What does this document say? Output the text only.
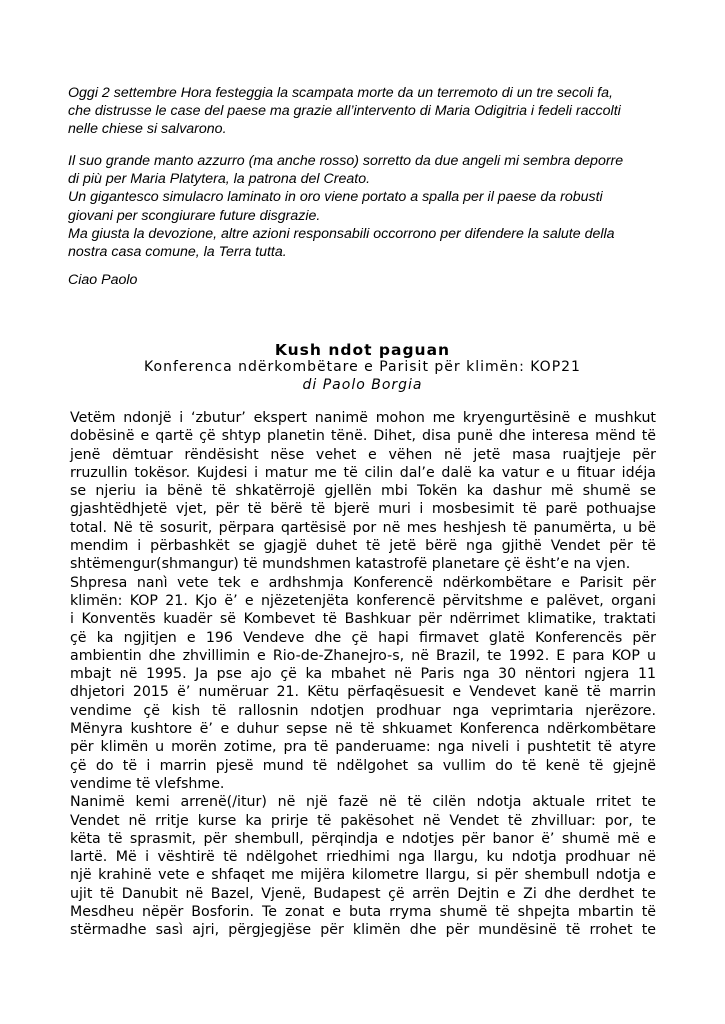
Oggi 2 settembre Hora festeggia la scampata morte da un terremoto di un tre secoli fa,

che distrusse le case del paese ma grazie all’intervento di Maria Odigitria i fedeli raccolti

nelle chiese si salvarono.

Il suo grande manto azzurro (ma anche rosso) sorretto da due angeli mi sembra deporre

di più per Maria Platytera, la patrona del Creato.

Un gigantesco simulacro laminato in oro viene portato a spalla per il paese da robusti

giovani per scongiurare future disgrazie.

Ma giusta la devozione, altre azioni responsabili occorrono per difendere la salute della

nostra casa comune, la Terra tutta.

Ciao Paolo

Kush ndot paguan
Konferenca ndërkombëtare e Parisit për klimën: KOP21
di Paolo Borgia
Vetëm ndonjë i ‘zbutur’ ekspert nanimë mohon me kryengurtësinë e mushkut
dobësinë e qartë çë shtyp planetin tënë. Dihet, disa punë dhe interesa mënd të
jenë dëmtuar rëndësisht nëse vehet e vëhen në jetë masa ruajtjeje për
rruzullin tokësor. Kujdesi i matur me të cilin dal’e dalë ka vatur e u fituar idéja
se njeriu ia bënë të shkatërrojë gjellën mbi Tokën ka dashur më shumë se
gjashtëdhjetë vjet, për të bërë të bjerë muri i mosbesimit të parë pothuajse
total. Në të sosurit, përpara qartësisë por në mes heshjesh të panumërta, u bë
mendim i përbashkët se gjagjë duhet të jetë bërë nga gjithë Vendet për të
shtëmengur(shmangur) të mundshmen katastrofë planetare çë ësht’e na vjen.
Shpresa nanì vete tek e ardhshmja Konferencë ndërkombëtare e Parisit për
klimën: KOP 21. Kjo ë’ e njëzetenjëta konferencë përvitshme e palëvet, organi
i Konventës kuadër së Kombevet të Bashkuar për ndërrimet klimatike, traktati
çë ka ngjitjen e 196 Vendeve dhe çë hapi firmavet glatë Konferencës për
ambientin dhe zhvillimin e Rio-de-Zhanejro-s, në Brazil, te 1992. E para KOP u
mbajt në 1995. Ja pse ajo çë ka mbahet në Paris nga 30 nëntori ngjera 11
dhjetori 2015 ë’ numëruar 21. Këtu përfaqësuesit e Vendevet kanë të marrin
vendime çë kish të rallosnin ndotjen prodhuar nga veprimtaria njerëzore.
Mënyra kushtore ë’ e duhur sepse në të shkuamet Konferenca ndërkombëtare
për klimën u morën zotime, pra të panderuame: nga niveli i pushtetit të atyre
çë do të i marrin pjesë mund të ndëlgohet sa vullim do të kenë të gjejnë
vendime të vlefshme.
Nanimë kemi arrenë(/itur) në një fazë në të cilën ndotja aktuale rritet te
Vendet në rritje kurse ka prirje të pakësohet në Vendet të zhvilluar: por, te
këta të sprasmit, për shembull, përqindja e ndotjes për banor ë’ shumë më e
lartë. Më i vështirë të ndëlgohet rriedhimi nga llargu, ku ndotja prodhuar në
një krahinë vete e shfaqet me mijëra kilometre llargu, si për shembull ndotja e
ujit të Danubit në Bazel, Vjenë, Budapest çë arrën Dejtin e Zi dhe derdhet te
Mesdheu nëpër Bosforin. Te zonat e buta rryma shumë të shpejta mbartin të
stërmadhe sasì ajri, përgjegjëse për klimën dhe për mundësinë të rrohet te
